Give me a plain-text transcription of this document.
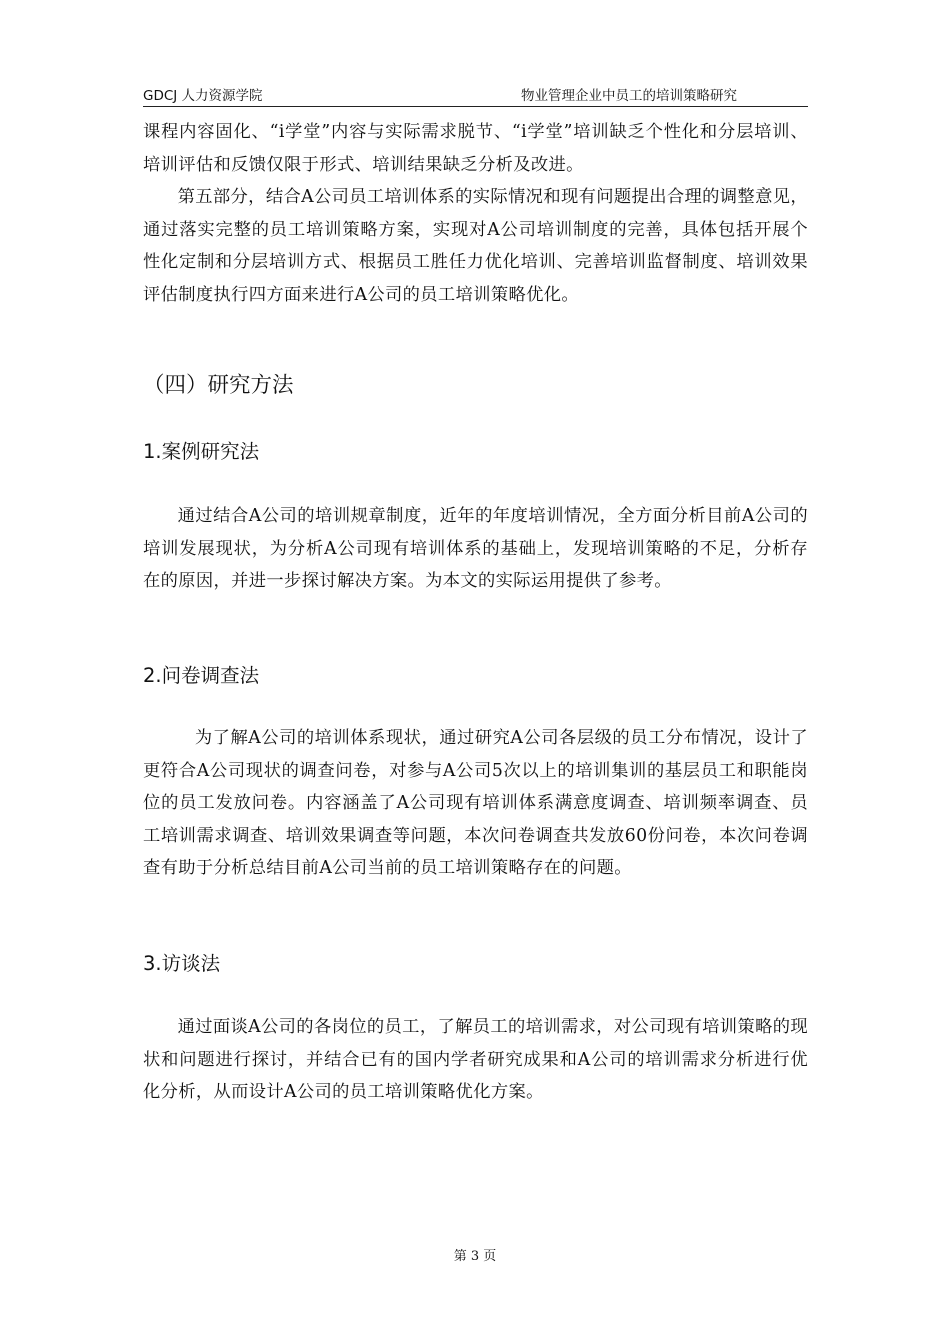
GDCJ 人力资源学院	物业管理企业中员工的培训策略研究

课程内容固化、“i学堂”内容与实际需求脱节、“i学堂”培训缺乏个性化和分层培训、培训评估和反馈仅限于形式、培训结果缺乏分析及改进。

第五部分，结合A公司员工培训体系的实际情况和现有问题提出合理的调整意见，通过落实完整的员工培训策略方案，实现对A公司培训制度的完善，具体包括开展个性化定制和分层培训方式、根据员工胜任力优化培训、完善培训监督制度、培训效果评估制度执行四方面来进行A公司的员工培训策略优化。

（四）研究方法
1.案例研究法

通过结合A公司的培训规章制度，近年的年度培训情况，全方面分析目前A公司的培训发展现状，为分析A公司现有培训体系的基础上，发现培训策略的不足，分析存在的原因，并进一步探讨解决方案。为本文的实际运用提供了参考。

2.问卷调查法

为了解A公司的培训体系现状，通过研究A公司各层级的员工分布情况，设计了更符合A公司现状的调查问卷，对参与A公司5次以上的培训集训的基层员工和职能岗位的员工发放问卷。内容涵盖了A公司现有培训体系满意度调查、培训频率调查、员工培训需求调查、培训效果调查等问题，本次问卷调查共发放60份问卷，本次问卷调查有助于分析总结目前A公司当前的员工培训策略存在的问题。

3.访谈法

通过面谈A公司的各岗位的员工，了解员工的培训需求，对公司现有培训策略的现状和问题进行探讨，并结合已有的国内学者研究成果和A公司的培训需求分析进行优化分析，从而设计A公司的员工培训策略优化方案。

第 3 页
